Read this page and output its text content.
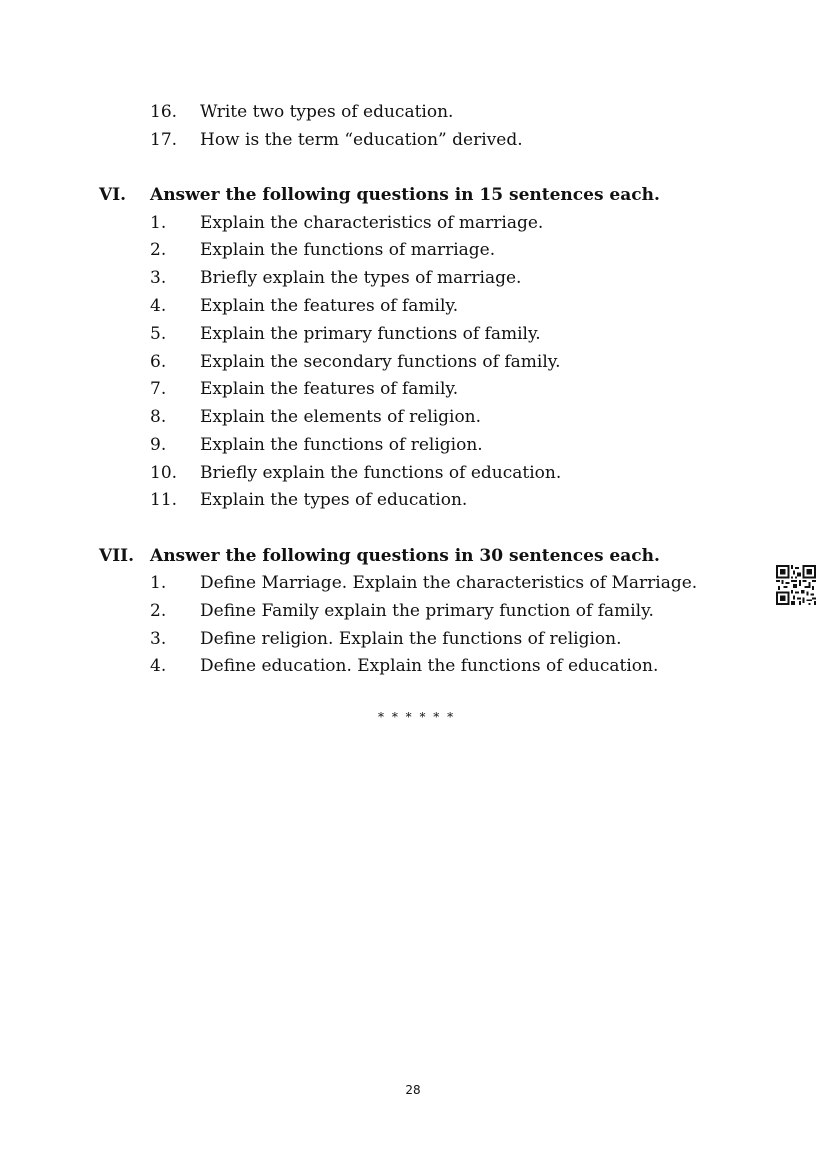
16. Write two types of education.
17. How is the term “education” derived.
VI. Answer the following questions in 15 sentences each.
1. Explain the characteristics of marriage.
2. Explain the functions of marriage.
3. Briefly explain the types of marriage.
4. Explain the features of family.
5. Explain the primary functions of family.
6. Explain the secondary functions of family.
7. Explain the features of family.
8. Explain the elements of religion.
9. Explain the functions of religion.
10. Briefly explain the functions of education.
11. Explain the types of education.
VII. Answer the following questions in 30 sentences each.
1. Define Marriage. Explain the characteristics of Marriage.
2. Define Family explain the primary function of family.
3. Define religion. Explain the functions of religion.
4. Define education. Explain the functions of education.
* * * * * *
28
